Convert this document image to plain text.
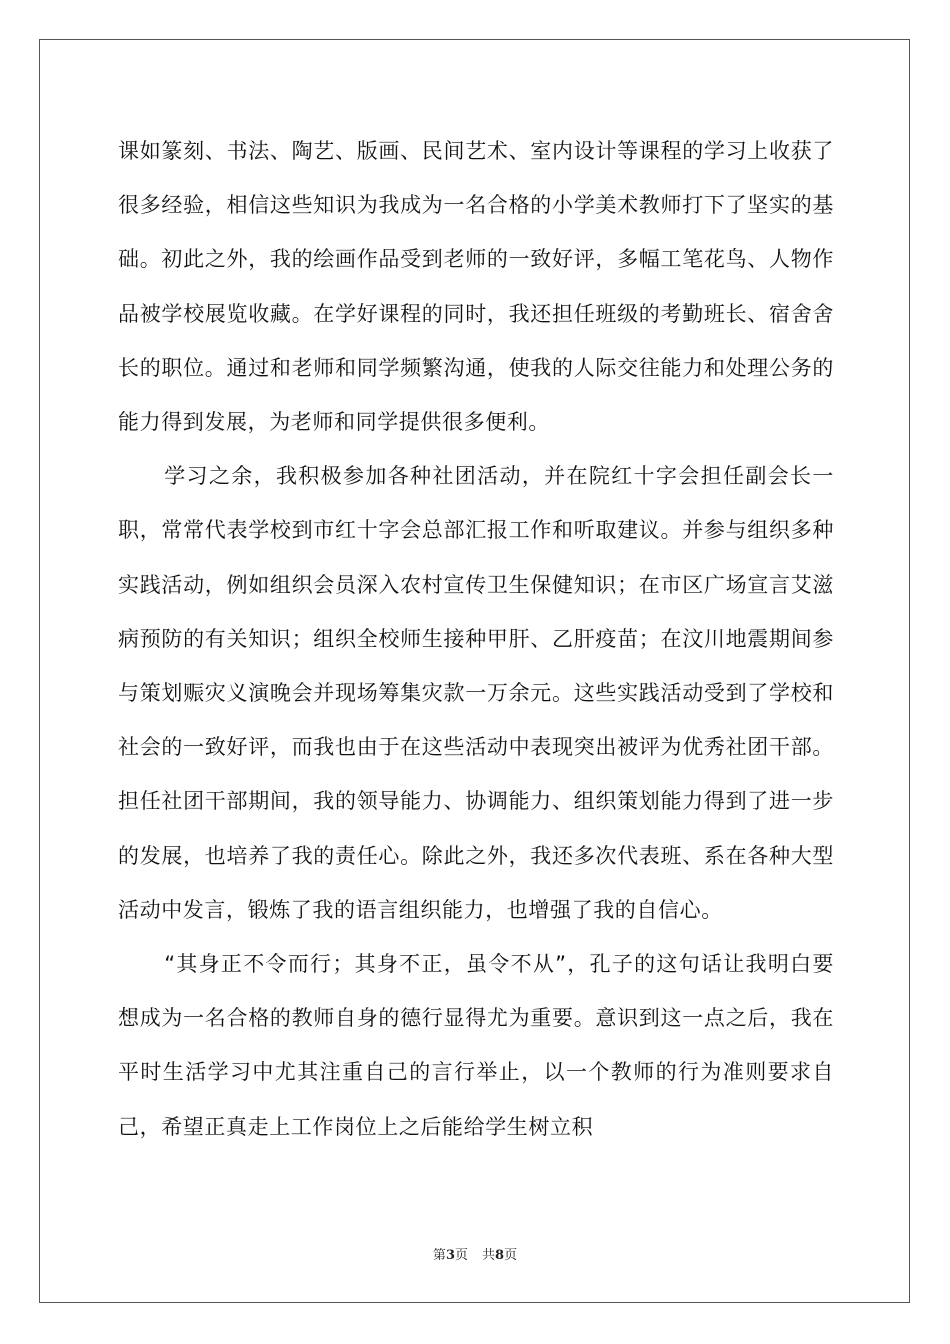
课如篆刻、书法、陶艺、版画、民间艺术、室内设计等课程的学习上收获了很多经验，相信这些知识为我成为一名合格的小学美术教师打下了坚实的基础。初此之外，我的绘画作品受到老师的一致好评，多幅工笔花鸟、人物作品被学校展览收藏。在学好课程的同时，我还担任班级的考勤班长、宿舍舍长的职位。通过和老师和同学频繁沟通，使我的人际交往能力和处理公务的能力得到发展，为老师和同学提供很多便利。

学习之余，我积极参加各种社团活动，并在院红十字会担任副会长一职，常常代表学校到市红十字会总部汇报工作和听取建议。并参与组织多种实践活动，例如组织会员深入农村宣传卫生保健知识；在市区广场宣言艾滋病预防的有关知识；组织全校师生接种甲肝、乙肝疫苗；在汶川地震期间参与策划赈灾义演晚会并现场筹集灾款一万余元。这些实践活动受到了学校和社会的一致好评，而我也由于在这些活动中表现突出被评为优秀社团干部。担任社团干部期间，我的领导能力、协调能力、组织策划能力得到了进一步的发展，也培养了我的责任心。除此之外，我还多次代表班、系在各种大型活动中发言，锻炼了我的语言组织能力，也增强了我的自信心。

“其身正不令而行；其身不正，虽令不从”，孔子的这句话让我明白要想成为一名合格的教师自身的德行显得尤为重要。意识到这一点之后，我在平时生活学习中尤其注重自己的言行举止，以一个教师的行为准则要求自己，希望正真走上工作岗位上之后能给学生树立积

第3页 共8页
